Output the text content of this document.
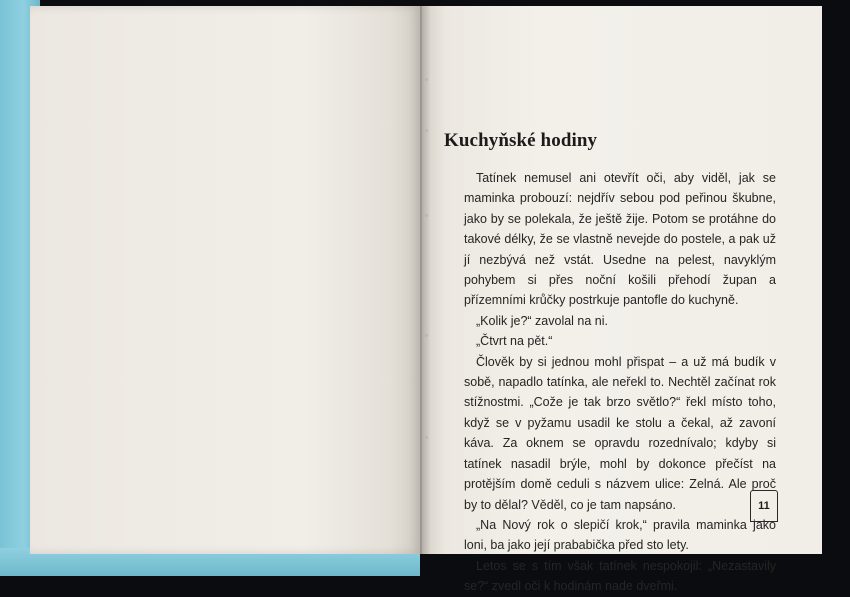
Kuchyňské hodiny

Tatínek nemusel ani otevřít oči, aby viděl, jak se maminka probouzí: nejdřív sebou pod peřinou škubne, jako by se polekala, že ještě žije. Potom se protáhne do takové délky, že se vlastně nevejde do postele, a pak už jí nezbývá než vstát. Usedne na pelest, navyklým pohybem si přes noční košili přehodí župan a přízemními krůčky postrkuje pantofle do kuchyně.

„Kolik je?“ zavolal na ni.

„Čtvrt na pět.“

Člověk by si jednou mohl přispat – a už má budík v sobě, napadlo tatínka, ale neřekl to. Nechtěl začínat rok stížnostmi. „Cože je tak brzo světlo?“ řekl místo toho, když se v pyžamu usadil ke stolu a čekal, až zavoní káva. Za oknem se opravdu rozednívalo; kdyby si tatínek nasadil brýle, mohl by dokonce přečíst na protějším domě ceduli s názvem ulice: Zelná. Ale proč by to dělal? Věděl, co je tam napsáno.

„Na Nový rok o slepičí krok,“ pravila maminka jako loni, ba jako její prababička před sto lety.

Letos se s tím však tatínek nespokojil: „Nezastavily se?“ zvedl oči k hodinám nade dveřmi.

11
